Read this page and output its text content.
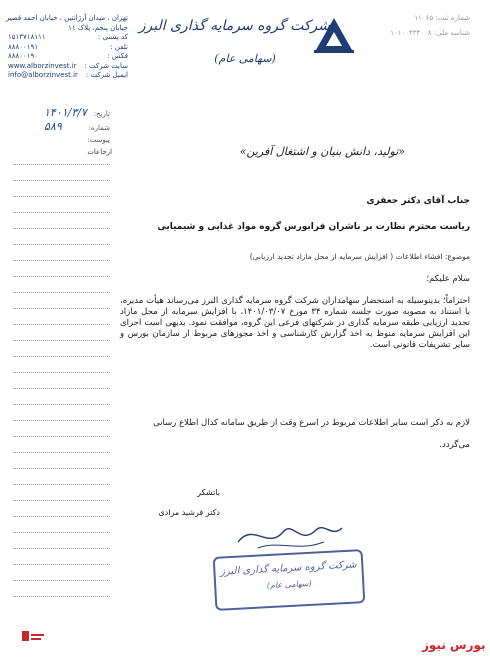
شرکت گروه سرمایه گذاری البرز
(سهامی عام)
شماره ثبت: ۱۱۰۶۵
شناسه ملی: ۱۰۱۰۰۴۳۴۰۰۸
تهران ، میدان آرژانتین ، خیابان احمد قصیر
خیابان پنجم، پلاک ۱۱
کد پستی :
۱۵۱۳۷۱۸۱۱۱
تلفن :
۸۸۸۰۰۱۹۱
فکس :
۸۸۸۰۰۱۹۰
سایت شرکت :
www.alborzinvest.ir
ایمیل شرکت :
info@alborzinvest.ir
تاریخ:
۱۴۰۱/۳/۷
شماره:
۵۸۹
پیوست:
ارجاعات	«تولید، دانش بنیان و اشتغال آفرین»
جناب آقای دکتر جعفری
ریاست محترم نظارت بر ناشران فرابورس گروه مواد غذایی و شیمیایی
موضوع: افشاء اطلاعات ( افزایش سرمایه از محل مازاد تجدید ارزیابی)
سلام علیکم؛
احتراماً؛ بدینوسیله به استحضار سهامداران شرکت گروه سرمایه گذاری البرز می‌رساند هیأت مدیره، با استناد به مصوبه صورت جلسه شماره ۳۴ مورخ ۱۴۰۱/۰۳/۰۷، با افزایش سرمایه از محل مازاد تجدید ارزیابی طبقه سرمایه گذاری در شرکتهای فرعی این گروه، موافقت نمود. بدیهی است اجرای این افزایش سرمایه منوط به اخذ گزارش کارشناسی و اخذ مجوزهای مربوط از سازمان بورس و سایر تشریفات قانونی است.
لازم به ذکر است سایر اطلاعات مربوط در اسرع وقت از طریق سامانه کدال اطلاع رسانی
می‌گردد.
باتشکر
دکتر فرشید مرادی
شرکت گروه سرمایه گذاری البرز
(سهامی عام)
بورس نیوز
